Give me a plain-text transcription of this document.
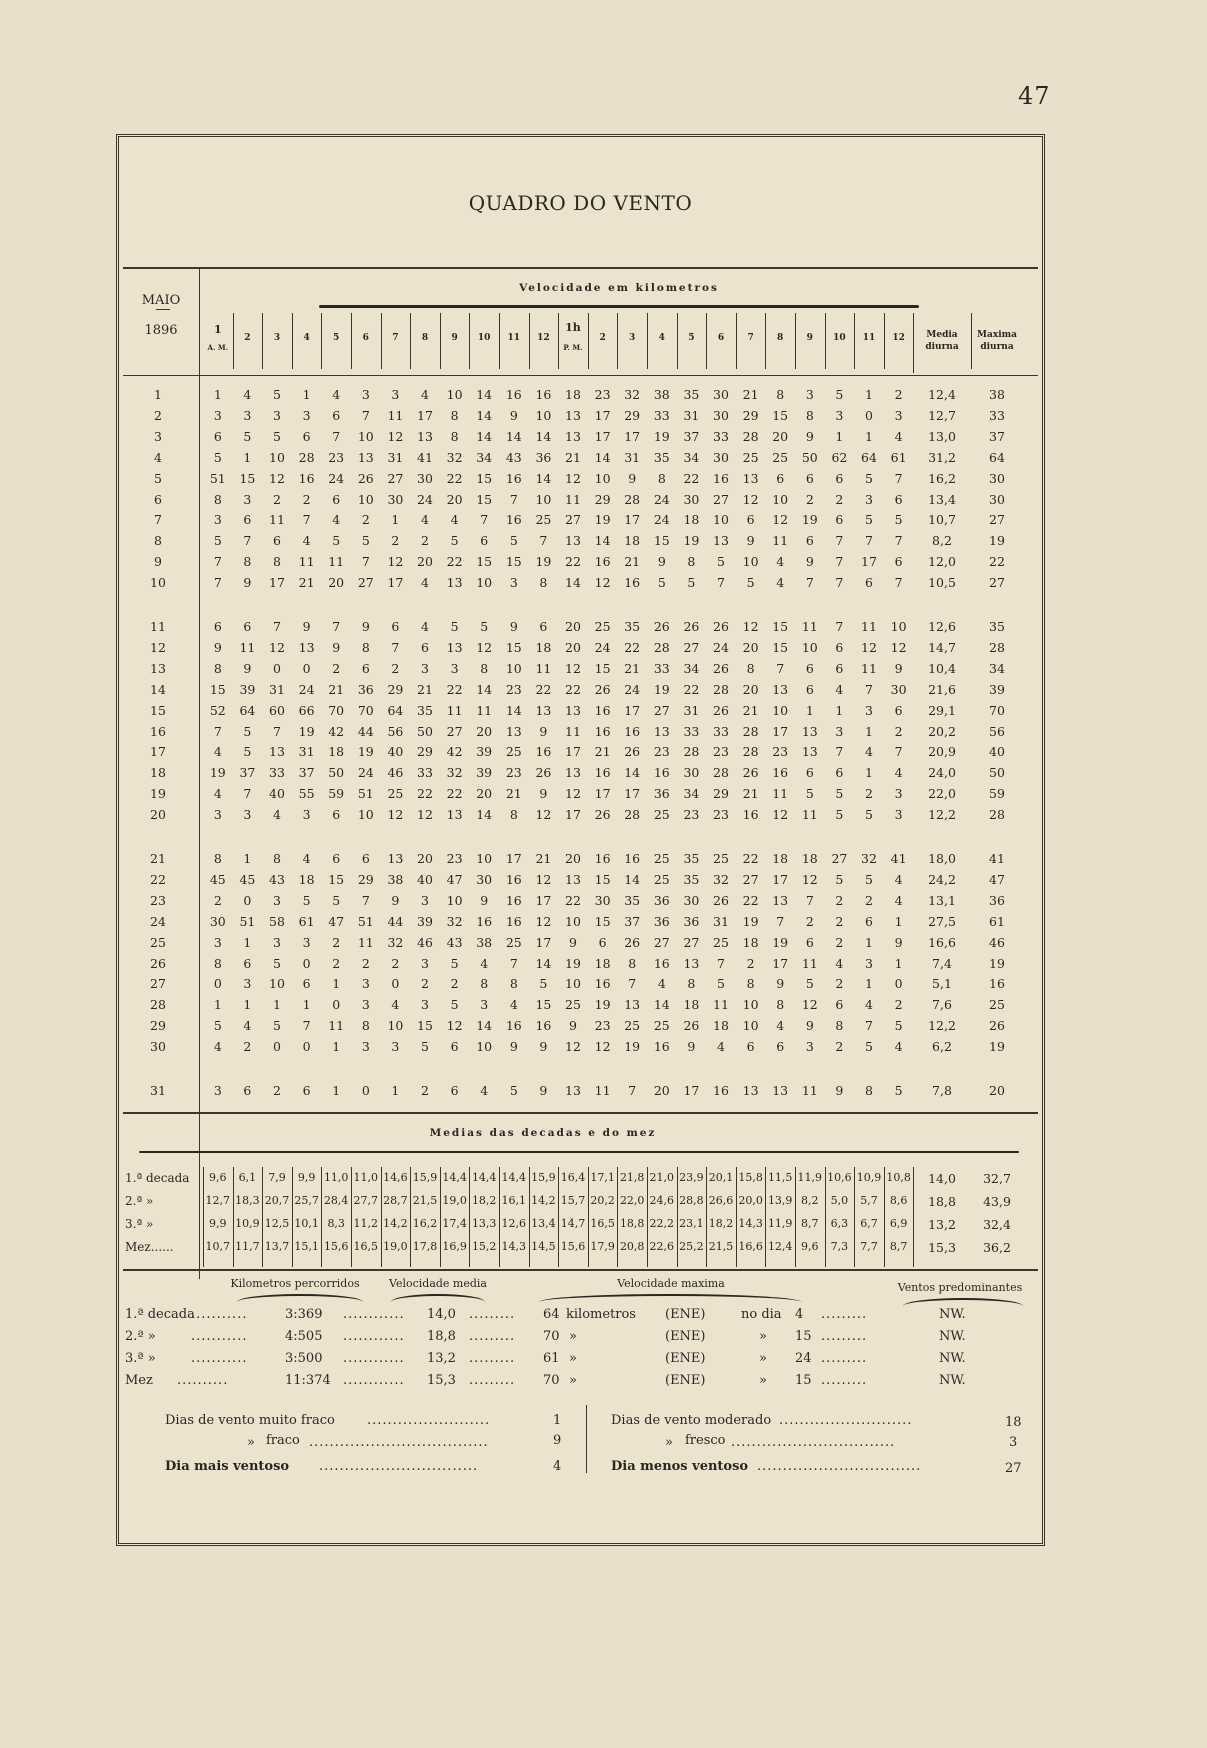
47
QUADRO DO VENTO
MAIO
1896
Velocidade em kilometros
1
2	3	4	5	6	7	8	9	10	11	12
A. M.
1h
2	3	4	5	6	7	8	9	10	11	12
P. M.
Media diurna
Maxima diurna
1	1	4	5	1	4	3	3	4	10	14	16	16	18	23	32	38	35	30	21	8	3	5	1	2	12,4	38
2	3	3	3	3	6	7	11	17	8	14	9	10	13	17	29	33	31	30	29	15	8	3	0	3	12,7	33
3	6	5	5	6	7	10	12	13	8	14	14	14	13	17	17	19	37	33	28	20	9	1	1	4	13,0	37
4	5	1	10	28	23	13	31	41	32	34	43	36	21	14	31	35	34	30	25	25	50	62	64	61	31,2	64
5	51	15	12	16	24	26	27	30	22	15	16	14	12	10	9	8	22	16	13	6	6	6	5	7	16,2	30
6	8	3	2	2	6	10	30	24	20	15	7	10	11	29	28	24	30	27	12	10	2	2	3	6	13,4	30
7	3	6	11	7	4	2	1	4	4	7	16	25	27	19	17	24	18	10	6	12	19	6	5	5	10,7	27
8	5	7	6	4	5	5	2	2	5	6	5	7	13	14	18	15	19	13	9	11	6	7	7	7	8,2	19
9	7	8	8	11	11	7	12	20	22	15	15	19	22	16	21	9	8	5	10	4	9	7	17	6	12,0	22
10	7	9	17	21	20	27	17	4	13	10	3	8	14	12	16	5	5	7	5	4	7	7	6	7	10,5	27
11	6	6	7	9	7	9	6	4	5	5	9	6	20	25	35	26	26	26	12	15	11	7	11	10	12,6	35
12	9	11	12	13	9	8	7	6	13	12	15	18	20	24	22	28	27	24	20	15	10	6	12	12	14,7	28
13	8	9	0	0	2	6	2	3	3	8	10	11	12	15	21	33	34	26	8	7	6	6	11	9	10,4	34
14	15	39	31	24	21	36	29	21	22	14	23	22	22	26	24	19	22	28	20	13	6	4	7	30	21,6	39
15	52	64	60	66	70	70	64	35	11	11	14	13	13	16	17	27	31	26	21	10	1	1	3	6	29,1	70
16	7	5	7	19	42	44	56	50	27	20	13	9	11	16	16	13	33	33	28	17	13	3	1	2	20,2	56
17	4	5	13	31	18	19	40	29	42	39	25	16	17	21	26	23	28	23	28	23	13	7	4	7	20,9	40
18	19	37	33	37	50	24	46	33	32	39	23	26	13	16	14	16	30	28	26	16	6	6	1	4	24,0	50
19	4	7	40	55	59	51	25	22	22	20	21	9	12	17	17	36	34	29	21	11	5	5	2	3	22,0	59
20	3	3	4	3	6	10	12	12	13	14	8	12	17	26	28	25	23	23	16	12	11	5	5	3	12,2	28
21	8	1	8	4	6	6	13	20	23	10	17	21	20	16	16	25	35	25	22	18	18	27	32	41	18,0	41
22	45	45	43	18	15	29	38	40	47	30	16	12	13	15	14	25	35	32	27	17	12	5	5	4	24,2	47
23	2	0	3	5	5	7	9	3	10	9	16	17	22	30	35	36	30	26	22	13	7	2	2	4	13,1	36
24	30	51	58	61	47	51	44	39	32	16	16	12	10	15	37	36	36	31	19	7	2	2	6	1	27,5	61
25	3	1	3	3	2	11	32	46	43	38	25	17	9	6	26	27	27	25	18	19	6	2	1	9	16,6	46
26	8	6	5	0	2	2	2	3	5	4	7	14	19	18	8	16	13	7	2	17	11	4	3	1	7,4	19
27	0	3	10	6	1	3	0	2	2	8	8	5	10	16	7	4	8	5	8	9	5	2	1	0	5,1	16
28	1	1	1	1	0	3	4	3	5	3	4	15	25	19	13	14	18	11	10	8	12	6	4	2	7,6	25
29	5	4	5	7	11	8	10	15	12	14	16	16	9	23	25	25	26	18	10	4	9	8	7	5	12,2	26
30	4	2	0	0	1	3	3	5	6	10	9	9	12	12	19	16	9	4	6	6	3	2	5	4	6,2	19
31	3	6	2	6	1	0	1	2	6	4	5	9	13	11	7	20	17	16	13	13	11	9	8	5	7,8	20
Medias das decadas e do mez
1.ª decada	9,6	6,1	7,9	9,9 11,0 11,0 14,6 15,9 14,4 14,4 14,4 15,9 16,4 17,1 21,8 21,0 23,9 20,1 15,8 11,5 11,9 10,6 10,9 10,8	14,0	32,7
2.ª »	12,7 18,3 20,7 25,7 28,4 27,7 28,7 21,5 19,0 18,2 16,1 14,2 15,7 20,2 22,0 24,6 28,8 26,6 20,0 13,9 8,2	5,0	5,7	8,6	18,8	43,9
3.ª »	9,9 10,9 12,5 10,1 8,3 11,2 14,2 16,2 17,4 13,3 12,6 13,4 14,7 16,5 18,8 22,2 23,1 18,2 14,3 11,9 8,7	6,3	6,7	6,9	13,2	32,4
Mez......	10,7 11,7 13,7 15,1 15,6 16,5 19,0 17,8 16,9 15,2 14,3 14,5 15,6 17,9 20,8 22,6 25,2 21,5 16,6 12,4 9,6	7,3	7,7	8,7	15,3	36,2
Kilometros percorridos	Velocidade media	Velocidade maxima	Ventos predominantes
1.ª decada
...........	3:369 ............ 14,0 ......... 64 kilometros (ENE)	no dia 4 .........	NW.
2.ª »	...........	4:505 ............ 18,8 ......... 70 »	(ENE)	» 15 .........	NW.
3.ª »	...........	3:500 ............ 13,2 ......... 61 »	(ENE)	» 24 .........	NW.
Mez ..........	11:374 ............ 15,3 ......... 70 »	(ENE)	» 15 .........	NW.
Dias de vento muito fraco ........................	1
» fraco ...................................	9
Dia mais ventoso ...............................	4
Dias de vento moderado ..........................	18
» fresco ................................	3
Dia menos ventoso ................................	27
